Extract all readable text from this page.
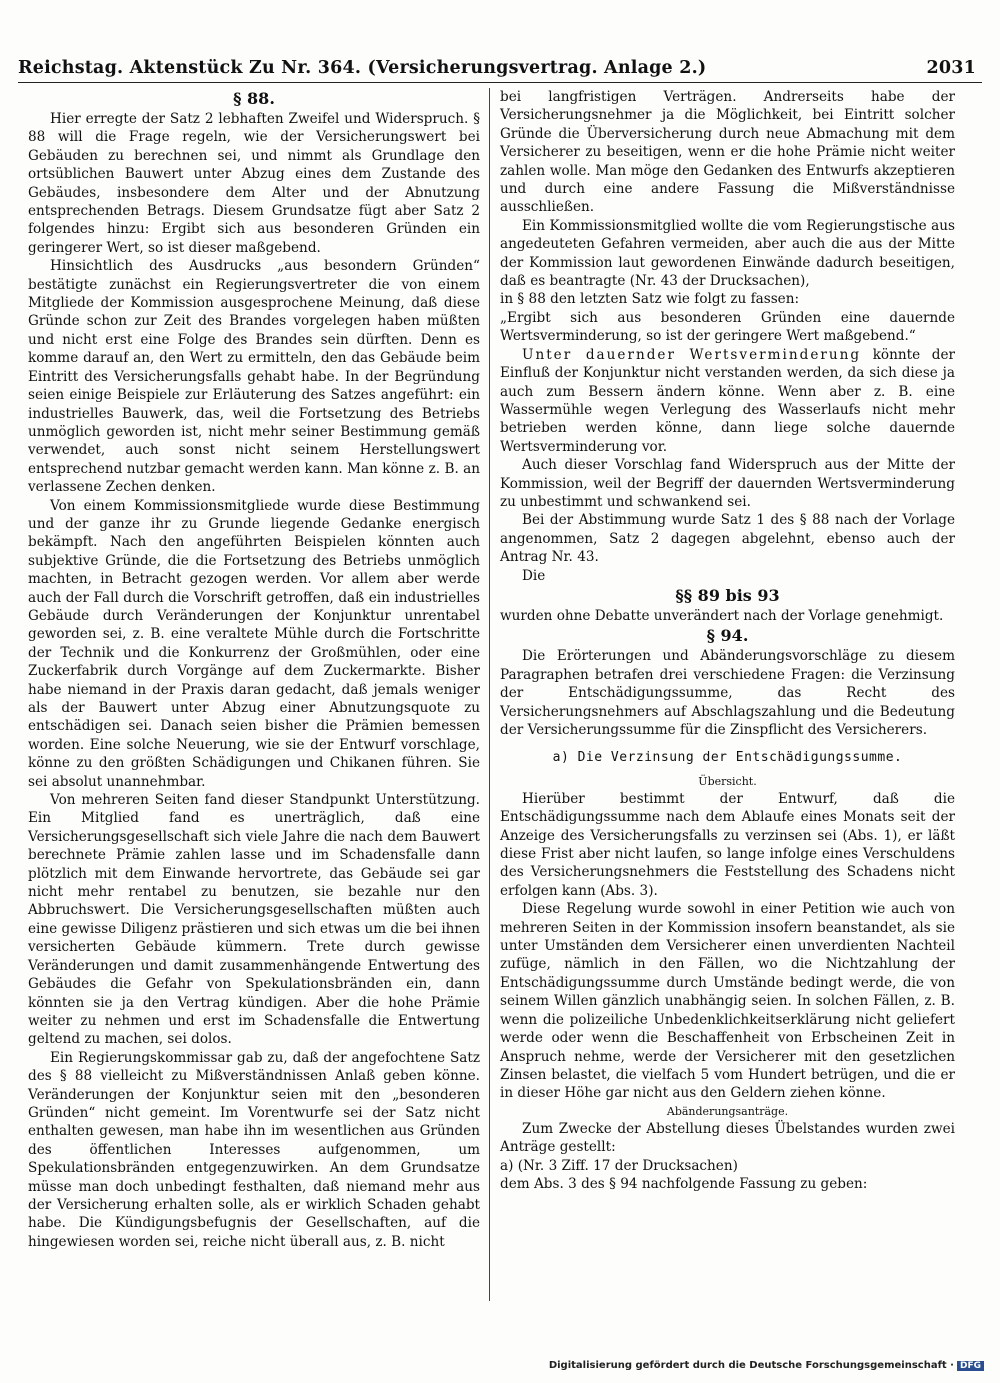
Reichstag. Aktenstück Zu Nr. 364. (Versicherungsvertrag. Anlage 2.)	2031
§ 88.

Hier erregte der Satz 2 lebhaften Zweifel und Widerspruch. § 88 will die Frage regeln, wie der Versicherungswert bei Gebäuden zu berechnen sei, und nimmt als Grundlage den ortsüblichen Bauwert unter Abzug eines dem Zustande des Gebäudes, insbesondere dem Alter und der Abnutzung entsprechenden Betrags. Diesem Grundsatze fügt aber Satz 2 folgendes hinzu: Ergibt sich aus besonderen Gründen ein geringerer Wert, so ist dieser maßgebend.

Hinsichtlich des Ausdrucks „aus besondern Gründen“ bestätigte zunächst ein Regierungsvertreter die von einem Mitgliede der Kommission ausgesprochene Meinung, daß diese Gründe schon zur Zeit des Brandes vorgelegen haben müßten und nicht erst eine Folge des Brandes sein dürften. Denn es komme darauf an, den Wert zu ermitteln, den das Gebäude beim Eintritt des Versicherungsfalls gehabt habe. In der Begründung seien einige Beispiele zur Erläuterung des Satzes angeführt: ein industrielles Bauwerk, das, weil die Fortsetzung des Betriebs unmöglich geworden ist, nicht mehr seiner Bestimmung gemäß verwendet, auch sonst nicht seinem Herstellungswert entsprechend nutzbar gemacht werden kann. Man könne z. B. an verlassene Zechen denken.

Von einem Kommissionsmitgliede wurde diese Bestimmung und der ganze ihr zu Grunde liegende Gedanke energisch bekämpft. Nach den angeführten Beispielen könnten auch subjektive Gründe, die die Fortsetzung des Betriebs unmöglich machten, in Betracht gezogen werden. Vor allem aber werde auch der Fall durch die Vorschrift getroffen, daß ein industrielles Gebäude durch Veränderungen der Konjunktur unrentabel geworden sei, z. B. eine veraltete Mühle durch die Fortschritte der Technik und die Konkurrenz der Großmühlen, oder eine Zuckerfabrik durch Vorgänge auf dem Zuckermarkte. Bisher habe niemand in der Praxis daran gedacht, daß jemals weniger als der Bauwert unter Abzug einer Abnutzungsquote zu entschädigen sei. Danach seien bisher die Prämien bemessen worden. Eine solche Neuerung, wie sie der Entwurf vorschlage, könne zu den größten Schädigungen und Chikanen führen. Sie sei absolut unannehmbar.

Von mehreren Seiten fand dieser Standpunkt Unterstützung. Ein Mitglied fand es unerträglich, daß eine Versicherungsgesellschaft sich viele Jahre die nach dem Bauwert berechnete Prämie zahlen lasse und im Schadensfalle dann plötzlich mit dem Einwande hervortrete, das Gebäude sei gar nicht mehr rentabel zu benutzen, sie bezahle nur den Abbruchswert. Die Versicherungsgesellschaften müßten auch eine gewisse Diligenz prästieren und sich etwas um die bei ihnen versicherten Gebäude kümmern. Trete durch gewisse Veränderungen und damit zusammenhängende Entwertung des Gebäudes die Gefahr von Spekulationsbränden ein, dann könnten sie ja den Vertrag kündigen. Aber die hohe Prämie weiter zu nehmen und erst im Schadensfalle die Entwertung geltend zu machen, sei dolos.

Ein Regierungskommissar gab zu, daß der angefochtene Satz des § 88 vielleicht zu Mißverständnissen Anlaß geben könne. Veränderungen der Konjunktur seien mit den „besonderen Gründen“ nicht gemeint. Im Vorentwurfe sei der Satz nicht enthalten gewesen, man habe ihn im wesentlichen aus Gründen des öffentlichen Interesses aufgenommen, um Spekulationsbränden entgegenzuwirken. An dem Grundsatze müsse man doch unbedingt festhalten, daß niemand mehr aus der Versicherung erhalten solle, als er wirklich Schaden gehabt habe. Die Kündigungsbefugnis der Gesellschaften, auf die hingewiesen worden sei, reiche nicht überall aus, z. B. nicht

bei langfristigen Verträgen. Andrerseits habe der Versicherungsnehmer ja die Möglichkeit, bei Eintritt solcher Gründe die Überversicherung durch neue Abmachung mit dem Versicherer zu beseitigen, wenn er die hohe Prämie nicht weiter zahlen wolle. Man möge den Gedanken des Entwurfs akzeptieren und durch eine andere Fassung die Mißverständnisse ausschließen.

Ein Kommissionsmitglied wollte die vom Regierungstische aus angedeuteten Gefahren vermeiden, aber auch die aus der Mitte der Kommission laut gewordenen Einwände dadurch beseitigen, daß es beantragte (Nr. 43 der Drucksachen),

in § 88 den letzten Satz wie folgt zu fassen:

„Ergibt sich aus besonderen Gründen eine dauernde Wertsverminderung, so ist der geringere Wert maßgebend.“

Unter dauernder Wertsverminderung könnte der Einfluß der Konjunktur nicht verstanden werden, da sich diese ja auch zum Bessern ändern könne. Wenn aber z. B. eine Wassermühle wegen Verlegung des Wasserlaufs nicht mehr betrieben werden könne, dann liege solche dauernde Wertsverminderung vor.

Auch dieser Vorschlag fand Widerspruch aus der Mitte der Kommission, weil der Begriff der dauernden Wertsverminderung zu unbestimmt und schwankend sei.

Bei der Abstimmung wurde Satz 1 des § 88 nach der Vorlage angenommen, Satz 2 dagegen abgelehnt, ebenso auch der Antrag Nr. 43.

Die

§§ 89 bis 93

wurden ohne Debatte unverändert nach der Vorlage genehmigt.

§ 94.

Die Erörterungen und Abänderungsvorschläge zu diesem Paragraphen betrafen drei verschiedene Fragen: die Verzinsung der Entschädigungssumme, das Recht des Versicherungsnehmers auf Abschlagszahlung und die Bedeutung der Versicherungssumme für die Zinspflicht des Versicherers.

a) Die Verzinsung der Entschädigungssumme.
Übersicht.

Hierüber bestimmt der Entwurf, daß die Entschädigungssumme nach dem Ablaufe eines Monats seit der Anzeige des Versicherungsfalls zu verzinsen sei (Abs. 1), er läßt diese Frist aber nicht laufen, so lange infolge eines Verschuldens des Versicherungsnehmers die Feststellung des Schadens nicht erfolgen kann (Abs. 3).

Diese Regelung wurde sowohl in einer Petition wie auch von mehreren Seiten in der Kommission insofern beanstandet, als sie unter Umständen dem Versicherer einen unverdienten Nachteil zufüge, nämlich in den Fällen, wo die Nichtzahlung der Entschädigungssumme durch Umstände bedingt werde, die von seinem Willen gänzlich unabhängig seien. In solchen Fällen, z. B. wenn die polizeiliche Unbedenklichkeitserklärung nicht geliefert werde oder wenn die Beschaffenheit von Erbscheinen Zeit in Anspruch nehme, werde der Versicherer mit den gesetzlichen Zinsen belastet, die vielfach 5 vom Hundert betrügen, und die er in dieser Höhe gar nicht aus den Geldern ziehen könne.

Abänderungsanträge.

Zum Zwecke der Abstellung dieses Übelstandes wurden zwei Anträge gestellt:

a) (Nr. 3 Ziff. 17 der Drucksachen)

dem Abs. 3 des § 94 nachfolgende Fassung zu geben:

Digitalisierung gefördert durch die Deutsche Forschungsgemeinschaft · DFG
